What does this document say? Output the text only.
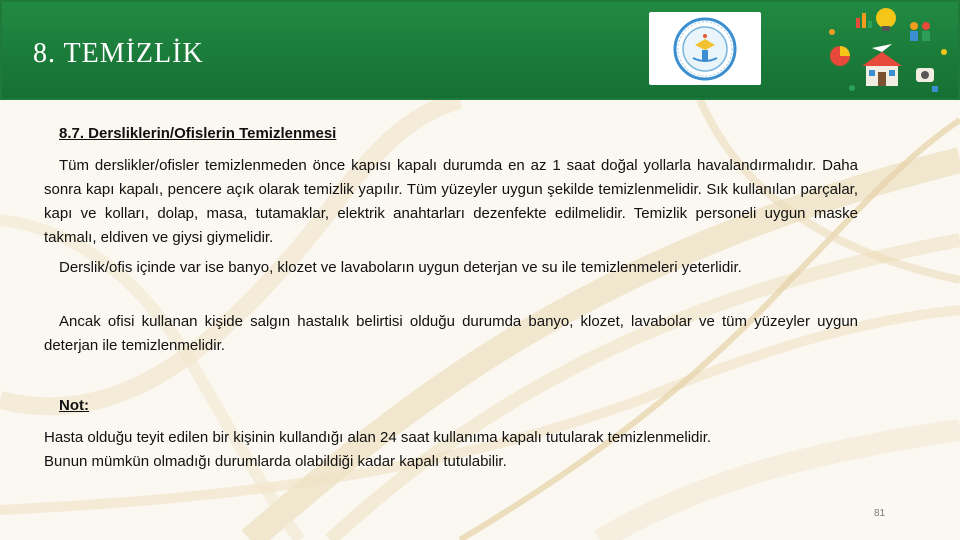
8. TEMİZLİK

8.7. Dersliklerin/Ofislerin Temizlenmesi

Tüm derslikler/ofisler temizlenmeden önce kapısı kapalı durumda en az 1 saat doğal yollarla havalandırmalıdır. Daha sonra kapı kapalı, pencere açık olarak temizlik yapılır. Tüm yüzeyler uygun şekilde temizlenmelidir. Sık kullanılan parçalar, kapı ve kolları, dolap, masa, tutamaklar, elektrik anahtarları dezenfekte edilmelidir. Temizlik personeli uygun maske takmalı, eldiven ve giysi giymelidir.

Derslik/ofis içinde var ise banyo, klozet ve lavaboların uygun deterjan ve su ile temizlenmeleri yeterlidir.

Ancak ofisi kullanan kişide salgın hastalık belirtisi olduğu durumda banyo, klozet, lavabolar ve tüm yüzeyler uygun deterjan ile temizlenmelidir.

Not:

Hasta olduğu teyit edilen bir kişinin kullandığı alan 24 saat kullanıma kapalı tutularak temizlenmelidir.
Bunun mümkün olmadığı durumlarda olabildiği kadar kapalı tutulabilir.
81
